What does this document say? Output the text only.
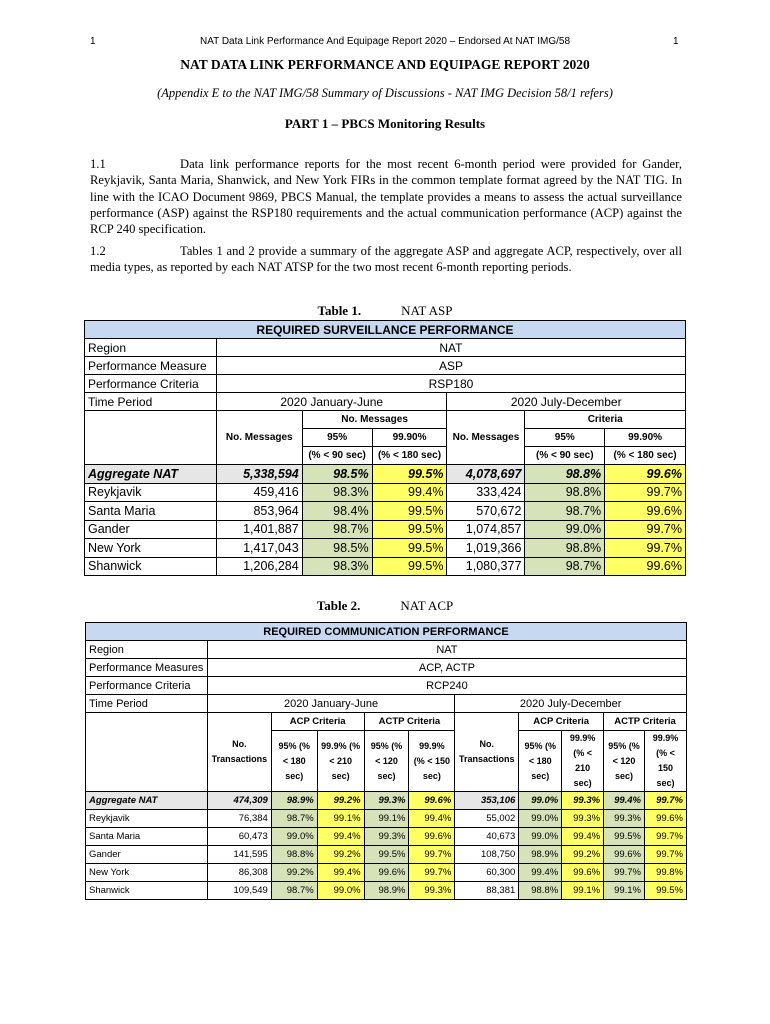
1	NAT Data Link Performance And Equipage Report 2020 – Endorsed At NAT IMG/58	1
NAT DATA LINK PERFORMANCE AND EQUIPAGE REPORT 2020
(Appendix E to the NAT IMG/58 Summary of Discussions - NAT IMG Decision 58/1 refers)
PART 1 – PBCS Monitoring Results
1.1	Data link performance reports for the most recent 6-month period were provided for Gander, Reykjavik, Santa Maria, Shanwick, and New York FIRs in the common template format agreed by the NAT TIG. In line with the ICAO Document 9869, PBCS Manual, the template provides a means to assess the actual surveillance performance (ASP) against the RSP180 requirements and the actual communication performance (ACP) against the RCP 240 specification.
1.2	Tables 1 and 2 provide a summary of the aggregate ASP and aggregate ACP, respectively, over all media types, as reported by each NAT ATSP for the two most recent 6-month reporting periods.
Table 1.	NAT ASP
REQUIRED SURVEILLANCE PERFORMANCE						
Region	NAT					
Performance Measure	ASP					
Performance Criteria	RSP180					
Time Period	2020 January-June			2020 July-December		
	No. Messages	No. Messages		No. Messages	Criteria	
		95%	99.90%		95%	99.90%
		(% < 90 sec)	(% < 180 sec)		(% < 90 sec)	(% < 180 sec)
Aggregate NAT	5,338,594	98.5%	99.5%	4,078,697	98.8%	99.6%
Reykjavik	459,416	98.3%	99.4%	333,424	98.8%	99.7%
Santa Maria	853,964	98.4%	99.5%	570,672	98.7%	99.6%
Gander	1,401,887	98.7%	99.5%	1,074,857	99.0%	99.7%
New York	1,417,043	98.5%	99.5%	1,019,366	98.8%	99.7%
Shanwick	1,206,284	98.3%	99.5%	1,080,377	98.7%	99.6%
Table 2.	NAT ACP
REQUIRED COMMUNICATION PERFORMANCE										
Region	NAT									
Performance Measures	ACP, ACTP									
Performance Criteria	RCP240									
Time Period	2020 January-June					2020 July-December				
	No. Transactions	ACP Criteria		ACTP Criteria		No. Transactions	ACP Criteria		ACTP Criteria	
		95% (% < 180 sec)	99.9% (% < 210 sec)	95% (% < 120 sec)	99.9% (% < 150 sec)		95% (% < 180 sec)	99.9% (% < 210 sec)	95% (% < 120 sec)	99.9% (% < 150 sec)
Aggregate NAT	474,309	98.9%	99.2%	99.3%	99.6%	353,106	99.0%	99.3%	99.4%	99.7%
Reykjavik	76,384	98.7%	99.1%	99.1%	99.4%	55,002	99.0%	99.3%	99.3%	99.6%
Santa Maria	60,473	99.0%	99.4%	99.3%	99.6%	40,673	99.0%	99.4%	99.5%	99.7%
Gander	141,595	98.8%	99.2%	99.5%	99.7%	108,750	98.9%	99.2%	99.6%	99.7%
New York	86,308	99.2%	99.4%	99.6%	99.7%	60,300	99.4%	99.6%	99.7%	99.8%
Shanwick	109,549	98.7%	99.0%	98.9%	99.3%	88,381	98.8%	99.1%	99.1%	99.5%
